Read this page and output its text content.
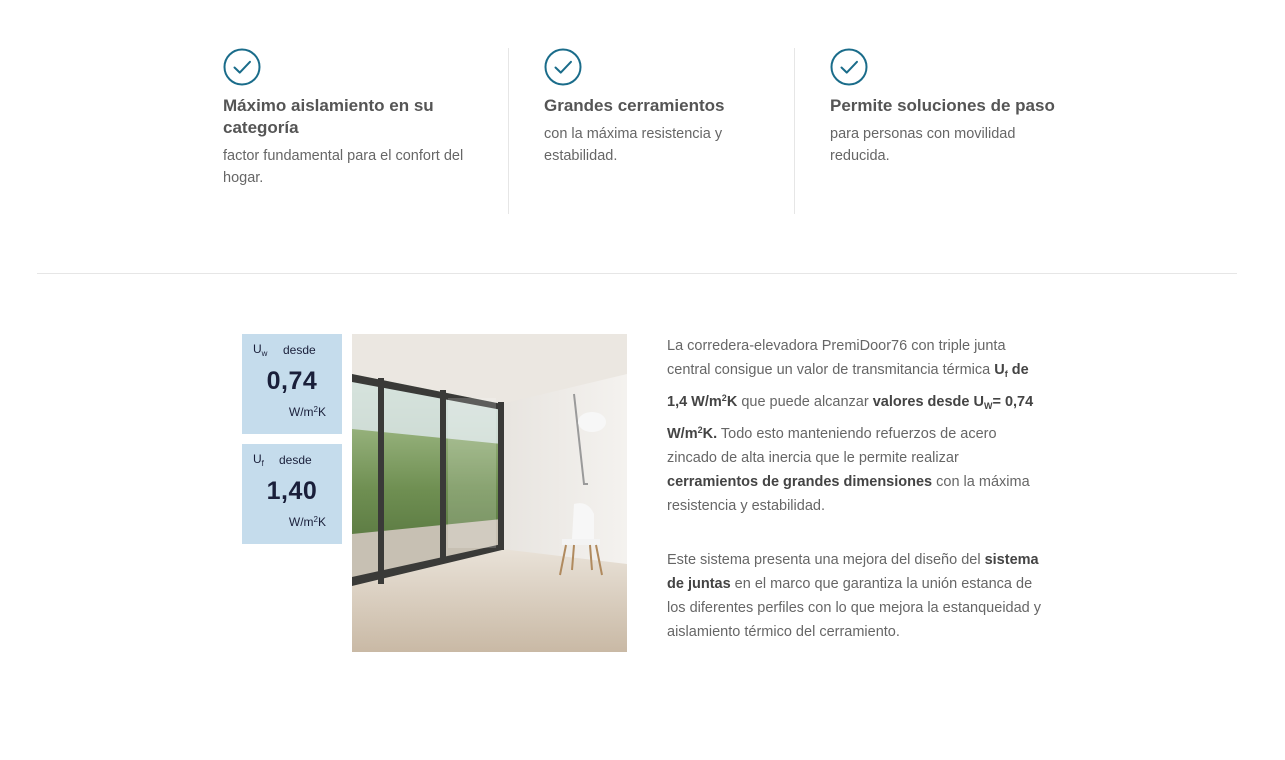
Máximo aislamiento en su categoría

factor fundamental para el confort del hogar.

Grandes cerramientos

con la máxima resistencia y estabilidad.

Permite soluciones de paso

para personas con movilidad reducida.

$U_w$ desde
0,74
$W/m^2K$
$U_f$ desde
1,40
$W/m^2K$

La corredera-elevadora PremiDoor76 con triple junta central consigue un valor de transmitancia térmica $U_f$ de 1,4 $W/m^2K$ que puede alcanzar valores desde $U_W= 0,74$ $W/m^2K$. Todo esto manteniendo refuerzos de acero zincado de alta inercia que le permite realizar cerramientos de grandes dimensiones con la máxima resistencia y estabilidad.

Este sistema presenta una mejora del diseño del sistema de juntas en el marco que garantiza la unión estanca de los diferentes perfiles con lo que mejora la estanqueidad y aislamiento térmico del cerramiento.
